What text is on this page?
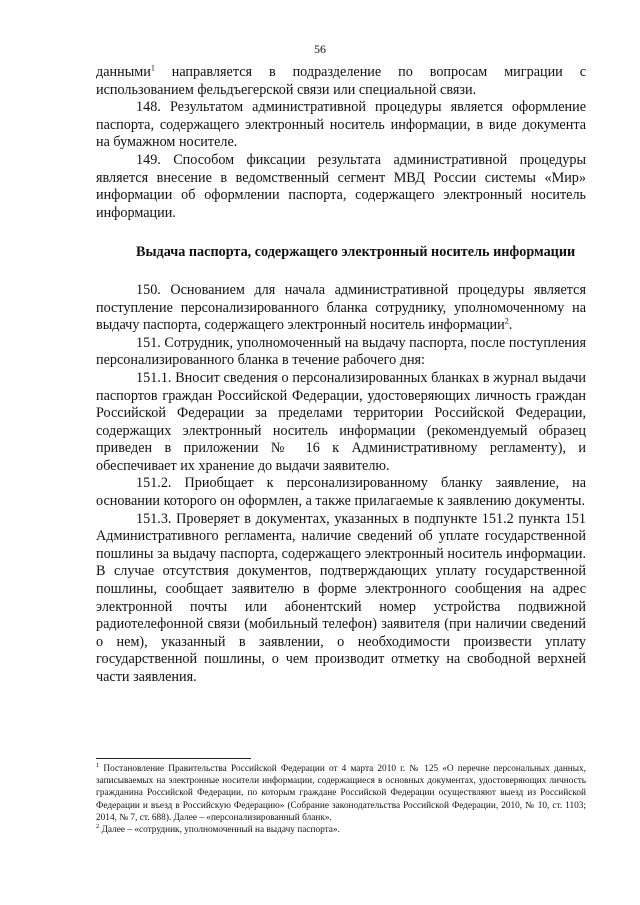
56

данными$^1$ направляется в подразделение по вопросам миграции с использованием фельдъегерской связи или специальной связи.

148. Результатом административной процедуры является оформление паспорта, содержащего электронный носитель информации, в виде документа на бумажном носителе.

149. Способом фиксации результата административной процедуры является внесение в ведомственный сегмент МВД России системы «Мир» информации об оформлении паспорта, содержащего электронный носитель информации.

Выдача паспорта, содержащего электронный носитель информации

150. Основанием для начала административной процедуры является поступление персонализированного бланка сотруднику, уполномоченному на выдачу паспорта, содержащего электронный носитель информации$^2$.

151. Сотрудник, уполномоченный на выдачу паспорта, после поступления персонализированного бланка в течение рабочего дня:

151.1. Вносит сведения о персонализированных бланках в журнал выдачи паспортов граждан Российской Федерации, удостоверяющих личность граждан Российской Федерации за пределами территории Российской Федерации, содержащих электронный носитель информации (рекомендуемый образец приведен в приложении № 16 к Административному регламенту), и обеспечивает их хранение до выдачи заявителю.

151.2. Приобщает к персонализированному бланку заявление, на основании которого он оформлен, а также прилагаемые к заявлению документы.

151.3. Проверяет в документах, указанных в подпункте 151.2 пункта 151 Административного регламента, наличие сведений об уплате государственной пошлины за выдачу паспорта, содержащего электронный носитель информации. В случае отсутствия документов, подтверждающих уплату государственной пошлины, сообщает заявителю в форме электронного сообщения на адрес электронной почты или абонентский номер устройства подвижной радиотелефонной связи (мобильный телефон) заявителя (при наличии сведений о нем), указанный в заявлении, о необходимости произвести уплату государственной пошлины, о чем производит отметку на свободной верхней части заявления.

$^1$ Постановление Правительства Российской Федерации от 4 марта 2010 г. № 125 «О перечне персональных данных, записываемых на электронные носители информации, содержащиеся в основных документах, удостоверяющих личность гражданина Российской Федерации, по которым граждане Российской Федерации осуществляют выезд из Российской Федерации и въезд в Российскую Федерацию» (Собрание законодательства Российской Федерации, 2010, № 10, ст. 1103; 2014, № 7, ст. 688). Далее – «персонализированный бланк».

$^2$ Далее – «сотрудник, уполномоченный на выдачу паспорта».
